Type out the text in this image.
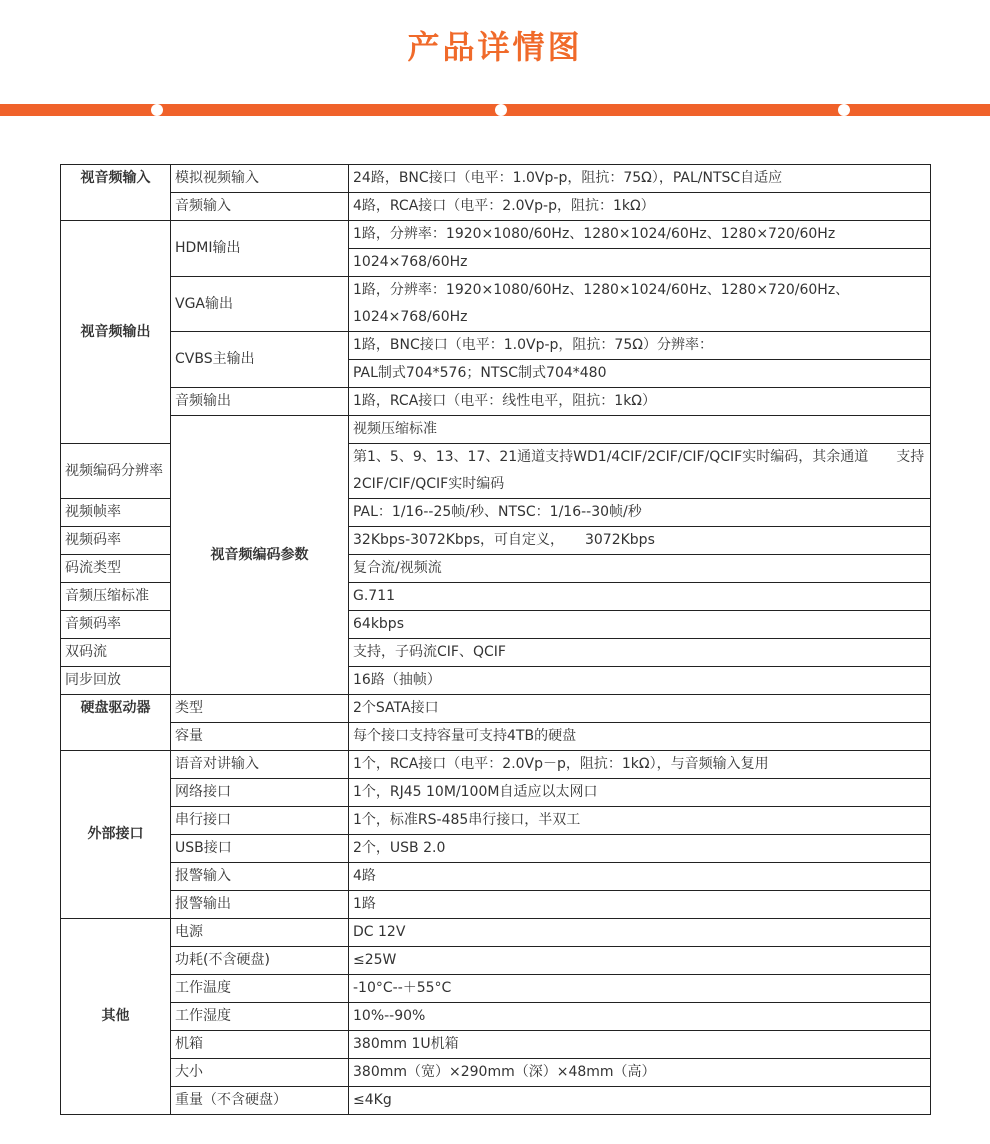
产品详情图
视音频输入	模拟视频输入	24路，BNC接口（电平：1.0Vp-p，阻抗：75Ω），PAL/NTSC自适应	
	音频输入	4路，RCA接口（电平：2.0Vp-p，阻抗：1kΩ）	
视音频输出	HDMI输出	1路，分辨率：1920×1080/60Hz、1280×1024/60Hz、1280×720/60Hz	
		1024×768/60Hz	
	VGA输出	1路，分辨率：1920×1080/60Hz、1280×1024/60Hz、1280×720/60Hz、1024×768/60Hz	
	CVBS主输出	1路，BNC接口（电平：1.0Vp-p，阻抗：75Ω）分辨率：	
		PAL制式704*576；NTSC制式704*480	
	音频输出	1路，RCA接口（电平：线性电平，阻抗：1kΩ）	
	视音频编码参数	视频压缩标准	
视频编码分辨率		第1、5、9、13、17、21通道支持WD1/4CIF/2CIF/CIF/QCIF实时编码，其余通道　　支持2CIF/CIF/QCIF实时编码	
视频帧率		PAL：1/16--25帧/秒、NTSC：1/16--30帧/秒	
视频码率		32Kbps-3072Kbps，可自定义，　　3072Kbps	
码流类型		复合流/视频流	
音频压缩标准		G.711	
音频码率		64kbps	
双码流		支持，子码流CIF、QCIF	
同步回放		16路（抽帧）	
硬盘驱动器	类型	2个SATA接口	
	容量	每个接口支持容量可支持4TB的硬盘	
外部接口	语音对讲输入	1个，RCA接口（电平：2.0Vp－p，阻抗：1kΩ），与音频输入复用	
	网络接口	1个，RJ45 10M/100M自适应以太网口	
	串行接口	1个，标准RS-485串行接口，半双工	
	USB接口	2个，USB 2.0	
	报警输入	4路	
	报警输出	1路	
其他	电源	DC 12V	
	功耗(不含硬盘)	≤25W	
	工作温度	-10°C--＋55°C	
	工作湿度	10%--90%	
	机箱	380mm 1U机箱	
	大小	380mm（宽）×290mm（深）×48mm（高）	
	重量（不含硬盘）	≤4Kg	
